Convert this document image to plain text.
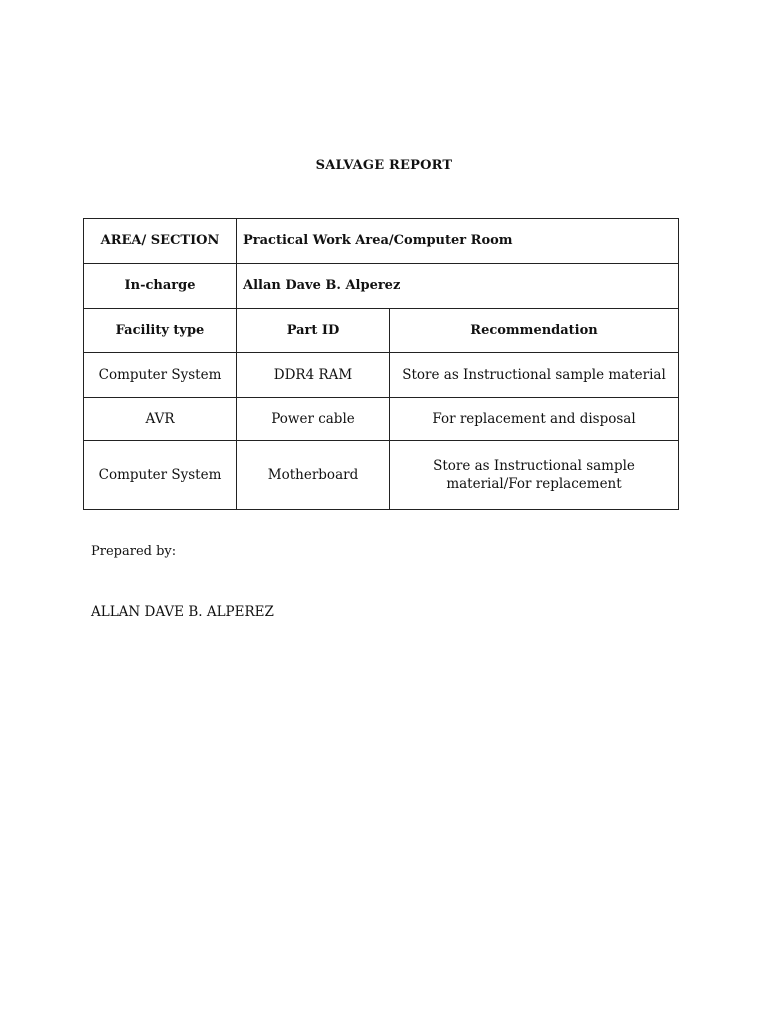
SALVAGE REPORT
AREA/ SECTION	Practical Work Area/Computer Room	
In-charge	Allan Dave B. Alperez	
Facility type	Part ID	Recommendation
Computer System	DDR4 RAM	Store as Instructional sample material
AVR	Power cable	For replacement and disposal
Computer System	Motherboard	Store as Instructional sample material/For replacement
Prepared by:
ALLAN DAVE B. ALPEREZ
